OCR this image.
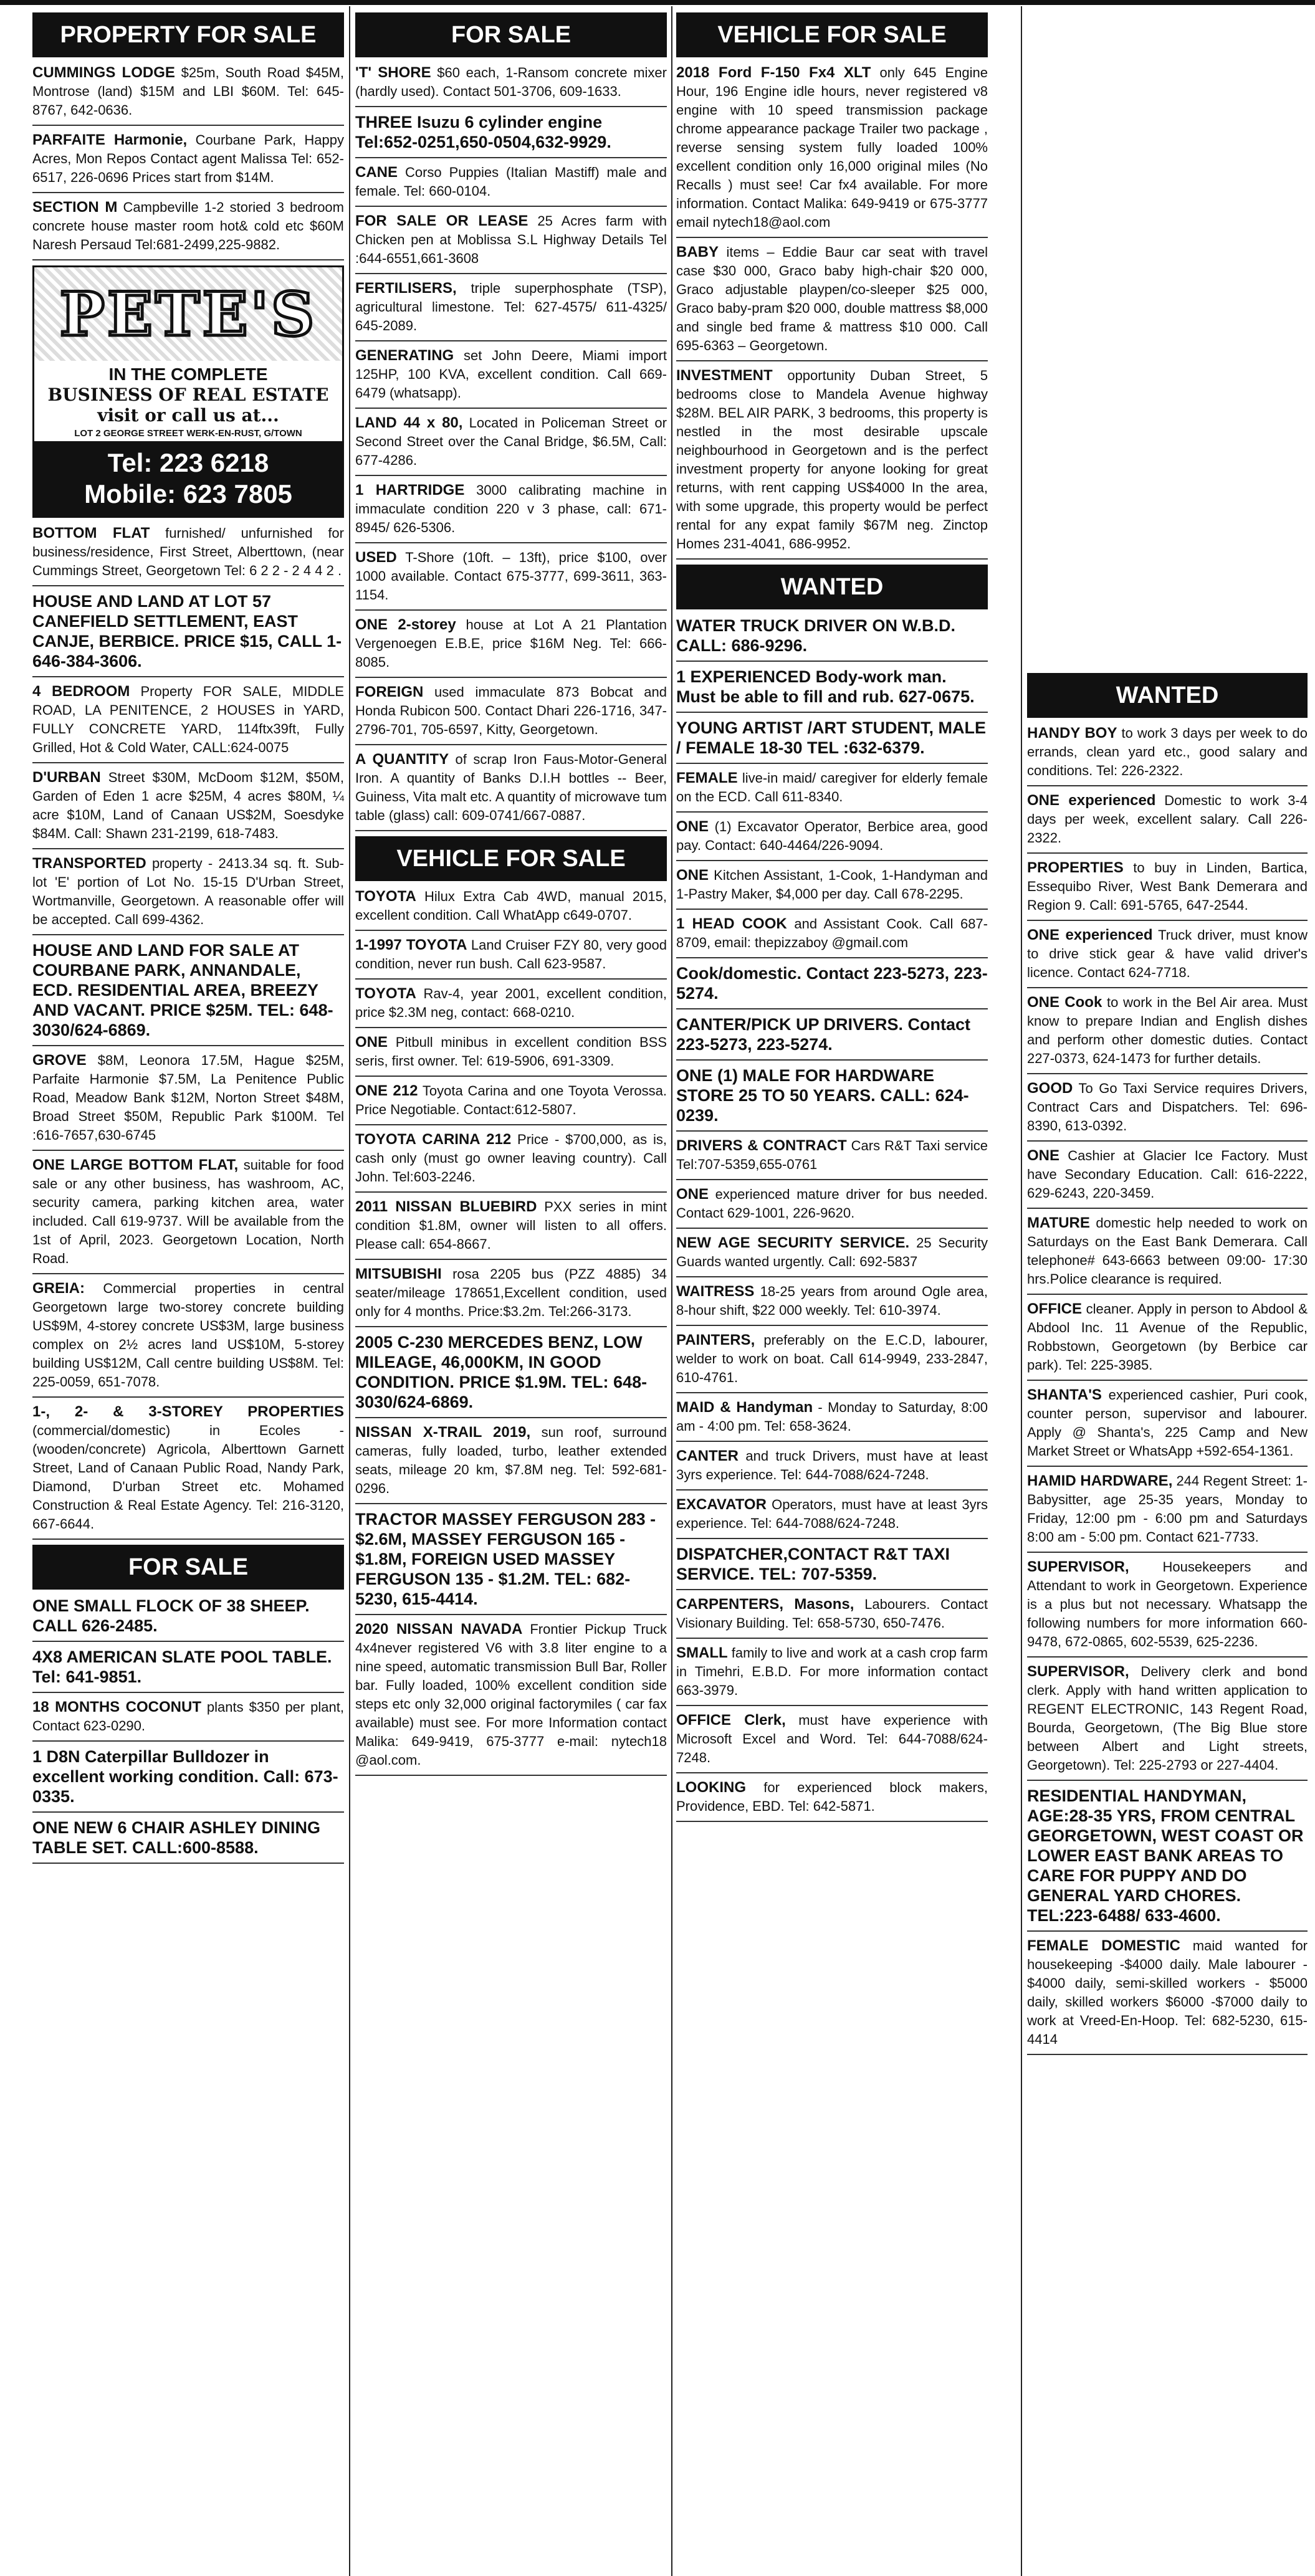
PROPERTY FOR SALE
CUMMINGS LODGE $25m, South Road $45M, Montrose (land) $15M and LBI $60M. Tel: 645-8767, 642-0636.
PARFAITE Harmonie, Courbane Park, Happy Acres, Mon Repos Contact agent Malissa Tel: 652-6517, 226-0696 Prices start from $14M.
SECTION M Campbeville 1-2 storied 3 bedroom concrete house master room hot& cold etc $60M Naresh Persaud Tel:681-2499,225-9882.
PETE'S
IN THE COMPLETE
BUSINESS OF REAL ESTATE visit or call us at...
LOT 2 GEORGE STREET WERK-EN-RUST, G/TOWN
Tel: 223 6218
Mobile: 623 7805
BOTTOM FLAT furnished/ unfurnished for business/residence, First Street, Alberttown, (near Cummings Street, Georgetown Tel: 6 2 2 - 2 4 4 2 .
HOUSE AND LAND AT LOT 57 CANEFIELD SETTLEMENT, EAST CANJE, BERBICE. PRICE $15, CALL 1-646-384-3606.
4 BEDROOM Property FOR SALE, MIDDLE ROAD, LA PENITENCE, 2 HOUSES in YARD, FULLY CONCRETE YARD, 114ftx39ft, Fully Grilled, Hot & Cold Water, CALL:624-0075
D'URBAN Street $30M, McDoom $12M, $50M, Garden of Eden 1 acre $25M, 4 acres $80M, ¼ acre $10M, Land of Canaan US$2M, Soesdyke $84M. Call: Shawn 231-2199, 618-7483.
TRANSPORTED property - 2413.34 sq. ft. Sub-lot 'E' portion of Lot No. 15-15 D'Urban Street, Wortmanville, Georgetown. A reasonable offer will be accepted. Call 699-4362.
HOUSE AND LAND FOR SALE AT COURBANE PARK, ANNANDALE, ECD. RESIDENTIAL AREA, BREEZY AND VACANT. PRICE $25M. TEL: 648-3030/624-6869.
GROVE $8M, Leonora 17.5M, Hague $25M, Parfaite Harmonie $7.5M, La Penitence Public Road, Meadow Bank $12M, Norton Street $48M, Broad Street $50M, Republic Park $100M. Tel :616-7657,630-6745
ONE LARGE BOTTOM FLAT, suitable for food sale or any other business, has washroom, AC, security camera, parking kitchen area, water included. Call 619-9737. Will be available from the 1st of April, 2023. Georgetown Location, North Road.
GREIA: Commercial properties in central Georgetown large two-storey concrete building US$9M, 4-storey concrete US$3M, large business complex on 2½ acres land US$10M, 5-storey building US$12M, Call centre building US$8M. Tel: 225-0059, 651-7078.
1-, 2- & 3-STOREY PROPERTIES (commercial/domestic) in Ecoles - (wooden/concrete) Agricola, Alberttown Garnett Street, Land of Canaan Public Road, Nandy Park, Diamond, D'urban Street etc. Mohamed Construction & Real Estate Agency. Tel: 216-3120, 667-6644.
FOR SALE
ONE SMALL FLOCK OF 38 SHEEP. CALL 626-2485.
4X8 AMERICAN SLATE POOL TABLE. Tel: 641-9851.
18 MONTHS COCONUT plants $350 per plant, Contact 623-0290.
1 D8N Caterpillar Bulldozer in excellent working condition. Call: 673-0335.
ONE NEW 6 CHAIR ASHLEY DINING TABLE SET. CALL:600-8588.
FOR SALE
'T' SHORE $60 each, 1-Ransom concrete mixer (hardly used). Contact 501-3706, 609-1633.
THREE Isuzu 6 cylinder engine Tel:652-0251,650-0504,632-9929.
CANE Corso Puppies (Italian Mastiff) male and female. Tel: 660-0104.
FOR SALE OR LEASE 25 Acres farm with Chicken pen at Moblissa S.L Highway Details Tel :644-6551,661-3608
FERTILISERS, triple superphosphate (TSP), agricultural limestone. Tel: 627-4575/ 611-4325/ 645-2089.
GENERATING set John Deere, Miami import 125HP, 100 KVA, excellent condition. Call 669-6479 (whatsapp).
LAND 44 x 80, Located in Policeman Street or Second Street over the Canal Bridge, $6.5M, Call: 677-4286.
1 HARTRIDGE 3000 calibrating machine in immaculate condition 220 v 3 phase, call: 671-8945/ 626-5306.
USED T-Shore (10ft. – 13ft), price $100, over 1000 available. Contact 675-3777, 699-3611, 363-1154.
ONE 2-storey house at Lot A 21 Plantation Vergenoegen E.B.E, price $16M Neg. Tel: 666-8085.
FOREIGN used immaculate 873 Bobcat and Honda Rubicon 500. Contact Dhari 226-1716, 347-2796-701, 705-6597, Kitty, Georgetown.
A QUANTITY of scrap Iron Faus-Motor-General Iron. A quantity of Banks D.I.H bottles -- Beer, Guiness, Vita malt etc. A quantity of microwave tum table (glass) call: 609-0741/667-0887.
VEHICLE FOR SALE
TOYOTA Hilux Extra Cab 4WD, manual 2015, excellent condition. Call WhatApp c649-0707.
1-1997 TOYOTA Land Cruiser FZY 80, very good condition, never run bush. Call 623-9587.
TOYOTA Rav-4, year 2001, excellent condition, price $2.3M neg, contact: 668-0210.
ONE Pitbull minibus in excellent condition BSS seris, first owner. Tel: 619-5906, 691-3309.
ONE 212 Toyota Carina and one Toyota Verossa. Price Negotiable. Contact:612-5807.
TOYOTA CARINA 212 Price - $700,000, as is, cash only (must go owner leaving country). Call John. Tel:603-2246.
2011 NISSAN BLUEBIRD PXX series in mint condition $1.8M, owner will listen to all offers. Please call: 654-8667.
MITSUBISHI rosa 2205 bus (PZZ 4885) 34 seater/mileage 178651,Excellent condition, used only for 4 months. Price:$3.2m. Tel:266-3173.
2005 C-230 MERCEDES BENZ, LOW MILEAGE, 46,000KM, IN GOOD CONDITION. PRICE $1.9M. TEL: 648-3030/624-6869.
NISSAN X-TRAIL 2019, sun roof, surround cameras, fully loaded, turbo, leather extended seats, mileage 20 km, $7.8M neg. Tel: 592-681-0296.
TRACTOR MASSEY FERGUSON 283 - $2.6M, MASSEY FERGUSON 165 - $1.8M, FOREIGN USED MASSEY FERGUSON 135 - $1.2M. TEL: 682-5230, 615-4414.
2020 NISSAN NAVADA Frontier Pickup Truck 4x4never registered V6 with 3.8 liter engine to a nine speed, automatic transmission Bull Bar, Roller bar. Fully loaded, 100% excellent condition side steps etc only 32,000 original factorymiles ( car fax available) must see. For more Information contact Malika: 649-9419, 675-3777 e-mail: nytech18 @aol.com.
VEHICLE FOR SALE
2018 Ford F-150 Fx4 XLT only 645 Engine Hour, 196 Engine idle hours, never registered v8 engine with 10 speed transmission package chrome appearance package Trailer two package , reverse sensing system fully loaded 100% excellent condition only 16,000 original miles (No Recalls ) must see! Car fx4 available. For more information. Contact Malika: 649-9419 or 675-3777 email nytech18@aol.com
BABY items – Eddie Baur car seat with travel case $30 000, Graco baby high-chair $20 000, Graco adjustable playpen/co-sleeper $25 000, Graco baby-pram $20 000, double mattress $8,000 and single bed frame & mattress $10 000. Call 695-6363 – Georgetown.
INVESTMENT opportunity Duban Street, 5 bedrooms close to Mandela Avenue highway $28M. BEL AIR PARK, 3 bedrooms, this property is nestled in the most desirable upscale neighbourhood in Georgetown and is the perfect investment property for anyone looking for great returns, with rent capping US$4000 In the area, with some upgrade, this property would be perfect rental for any expat family $67M neg. Zinctop Homes 231-4041, 686-9952.
WANTED
WATER TRUCK DRIVER ON W.B.D. CALL: 686-9296.
1 EXPERIENCED Body-work man. Must be able to fill and rub. 627-0675.
YOUNG ARTIST /ART STUDENT, MALE / FEMALE 18-30 TEL :632-6379.
FEMALE live-in maid/ caregiver for elderly female on the ECD. Call 611-8340.
ONE (1) Excavator Operator, Berbice area, good pay. Contact: 640-4464/226-9094.
ONE Kitchen Assistant, 1-Cook, 1-Handyman and 1-Pastry Maker, $4,000 per day. Call 678-2295.
1 HEAD COOK and Assistant Cook. Call 687-8709, email: thepizzaboy @gmail.com
Cook/domestic. Contact 223-5273, 223-5274.
CANTER/PICK UP DRIVERS. Contact 223-5273, 223-5274.
ONE (1) MALE FOR HARDWARE STORE 25 TO 50 YEARS. CALL: 624-0239.
DRIVERS & CONTRACT Cars R&T Taxi service Tel:707-5359,655-0761
ONE experienced mature driver for bus needed. Contact 629-1001, 226-9620.
NEW AGE SECURITY SERVICE. 25 Security Guards wanted urgently. Call: 692-5837
WAITRESS 18-25 years from around Ogle area, 8-hour shift, $22 000 weekly. Tel: 610-3974.
PAINTERS, preferably on the E.C.D, labourer, welder to work on boat. Call 614-9949, 233-2847, 610-4761.
MAID & Handyman - Monday to Saturday, 8:00 am - 4:00 pm. Tel: 658-3624.
CANTER and truck Drivers, must have at least 3yrs experience. Tel: 644-7088/624-7248.
EXCAVATOR Operators, must have at least 3yrs experience. Tel: 644-7088/624-7248.
DISPATCHER,CONTACT R&T TAXI SERVICE. TEL: 707-5359.
CARPENTERS, Masons, Labourers. Contact Visionary Building. Tel: 658-5730, 650-7476.
SMALL family to live and work at a cash crop farm in Timehri, E.B.D. For more information contact 663-3979.
OFFICE Clerk, must have experience with Microsoft Excel and Word. Tel: 644-7088/624-7248.
LOOKING for experienced block makers, Providence, EBD. Tel: 642-5871.
WANTED
HANDY BOY to work 3 days per week to do errands, clean yard etc., good salary and conditions. Tel: 226-2322.
ONE experienced Domestic to work 3-4 days per week, excellent salary. Call 226-2322.
PROPERTIES to buy in Linden, Bartica, Essequibo River, West Bank Demerara and Region 9. Call: 691-5765, 647-2544.
ONE experienced Truck driver, must know to drive stick gear & have valid driver's licence. Contact 624-7718.
ONE Cook to work in the Bel Air area. Must know to prepare Indian and English dishes and perform other domestic duties. Contact 227-0373, 624-1473 for further details.
GOOD To Go Taxi Service requires Drivers, Contract Cars and Dispatchers. Tel: 696-8390, 613-0392.
ONE Cashier at Glacier Ice Factory. Must have Secondary Education. Call: 616-2222, 629-6243, 220-3459.
MATURE domestic help needed to work on Saturdays on the East Bank Demerara. Call telephone# 643-6663 between 09:00- 17:30 hrs.Police clearance is required.
OFFICE cleaner. Apply in person to Abdool & Abdool Inc. 11 Avenue of the Republic, Robbstown, Georgetown (by Berbice car park). Tel: 225-3985.
SHANTA'S experienced cashier, Puri cook, counter person, supervisor and labourer. Apply @ Shanta's, 225 Camp and New Market Street or WhatsApp +592-654-1361.
HAMID HARDWARE, 244 Regent Street: 1-Babysitter, age 25-35 years, Monday to Friday, 12:00 pm - 6:00 pm and Saturdays 8:00 am - 5:00 pm. Contact 621-7733.
SUPERVISOR, Housekeepers and Attendant to work in Georgetown. Experience is a plus but not necessary. Whatsapp the following numbers for more information 660-9478, 672-0865, 602-5539, 625-2236.
SUPERVISOR, Delivery clerk and bond clerk. Apply with hand written application to REGENT ELECTRONIC, 143 Regent Road, Bourda, Georgetown, (The Big Blue store between Albert and Light streets, Georgetown). Tel: 225-2793 or 227-4404.
RESIDENTIAL HANDYMAN, AGE:28-35 YRS, FROM CENTRAL GEORGETOWN, WEST COAST OR LOWER EAST BANK AREAS TO CARE FOR PUPPY AND DO GENERAL YARD CHORES. TEL:223-6488/ 633-4600.
FEMALE DOMESTIC maid wanted for housekeeping -$4000 daily. Male labourer - $4000 daily, semi-skilled workers - $5000 daily, skilled workers $6000 -$7000 daily to work at Vreed-En-Hoop. Tel: 682-5230, 615-4414
